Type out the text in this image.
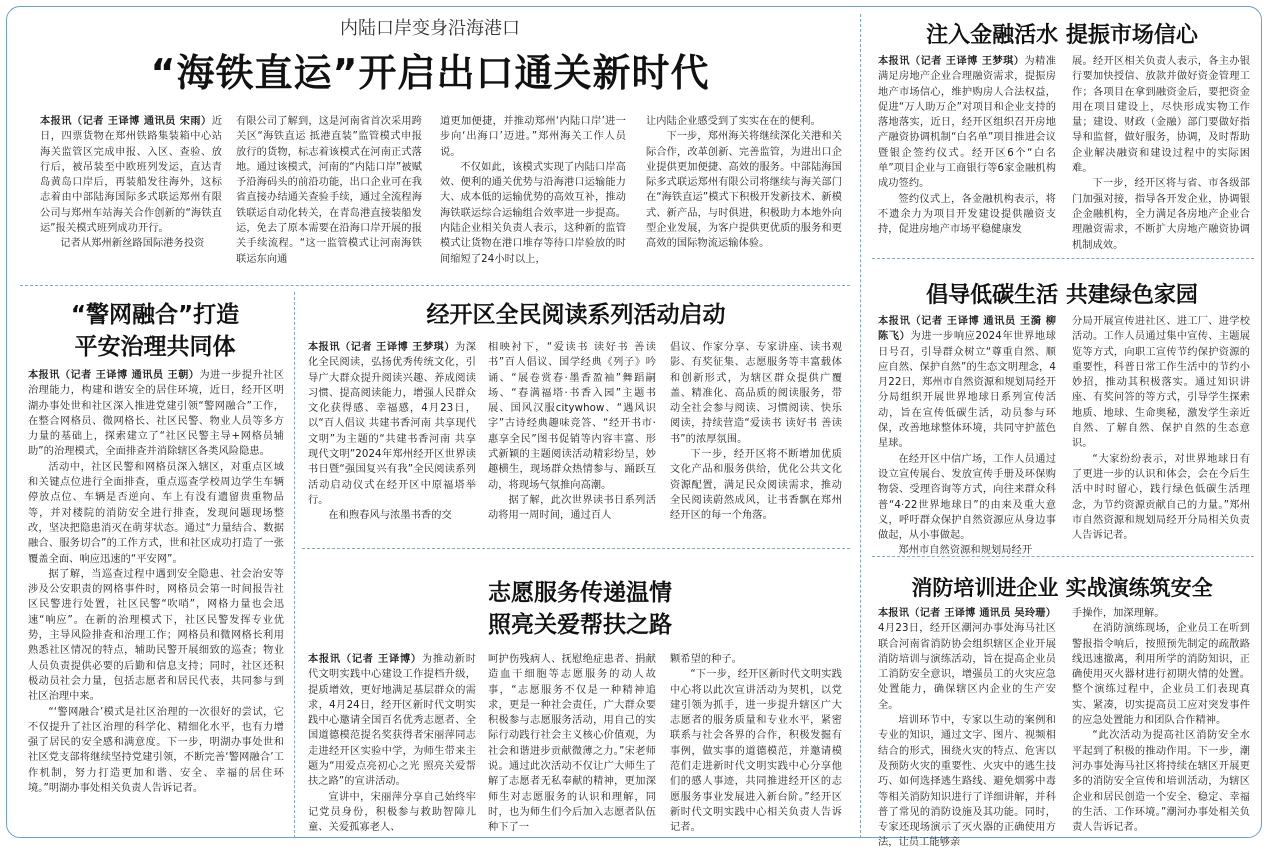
内陆口岸变身沿海港口
“海铁直运”开启出口通关新时代

本报讯（记者 王译博 通讯员 宋雨）近日，四票货物在郑州铁路集装箱中心站海关监管区完成申报、入区、查验、放行后，被吊装至中欧班列发运，直达青岛黄岛口岸后，再装船发往海外，这标志着由中部陆海国际多式联运郑州有限公司与郑州车站海关合作创新的“海铁直运”报关模式班列成功开行。

记者从郑州新丝路国际港务投资

有限公司了解到，这是河南省首次采用跨关区“海铁直运 抵港直装”监管模式申报放行的货物，标志着该模式在河南正式落地。通过该模式，河南的“内陆口岸”被赋予沿海码头的前沿功能，出口企业可在我省直接办结通关查验手续，通过全流程海铁联运自动化转关，在青岛港直接装船发运，免去了原本需要在沿海口岸开展的报关手续流程。“这一监管模式让河南海铁联运东向通

道更加便捷，并推动郑州‘内陆口岸’进一步向‘出海口’迈进。”郑州海关工作人员说。

不仅如此，该模式实现了内陆口岸高效、便利的通关优势与沿海港口运输能力大、成本低的运输优势的高效互补，推动海铁联运综合运输组合效率进一步提高。内陆企业相关负责人表示，这种新的监管模式让货物在港口堆存等待口岸验放的时间缩短了24小时以上，

让内陆企业感受到了实实在在的便利。

下一步，郑州海关将继续深化关港和关际合作，改革创新、完善监管，为进出口企业提供更加便捷、高效的服务。中部陆海国际多式联运郑州有限公司将继续与海关部门在“海铁直运”模式下积极开发新技术、新模式、新产品，与时俱进，积极助力本地外向型企业发展，为客户提供更优质的服务和更高效的国际物流运输体验。

注入金融活水 提振市场信心

本报讯（记者 王译博 王梦琪）为精准满足房地产企业合理融资需求，提振房地产市场信心，维护购房人合法权益，促进“万人助万企”对项目和企业支持的落地落实，近日，经开区组织召开房地产融资协调机制“白名单”项目推进会议暨银企签约仪式。经开区6个“白名单”项目企业与工商银行等6家金融机构成功签约。

签约仪式上，各金融机构表示，将不遗余力为项目开发建设提供融资支持，促进房地产市场平稳健康发

展。经开区相关负责人表示，各主办银行要加快授信、放款并做好资金管理工作；各项目在拿到融资金后，要把资金用在项目建设上，尽快形成实物工作量；建设、财政（金融）部门要做好指导和监督，做好服务，协调，及时帮助企业解决融资和建设过程中的实际困难。

下一步，经开区将与省、市各级部门加强对接，指导各开发企业，协调银企金融机构，全力满足各房地产企业合理融资需求，不断扩大房地产融资协调机制成效。

“警网融合”打造
平安治理共同体

本报讯（记者 王译博 通讯员 王朝）为进一步提升社区治理能力，构建和谐安全的居住环境，近日，经开区明湖办事处世和社区深入推进党建引领“警网融合”工作，在整合网格员、微网格长、社区民警、物业人员等多方力量的基础上，探索建立了“社区民警主导+网格员辅助”的治理模式，全面排查并消除辖区各类风险隐患。

活动中，社区民警和网格员深入辖区，对重点区域和关键点位进行全面排查，重点巡查学校周边学生车辆停放点位、车辆是否逆向、车上有没有遗留贵重物品等，并对楼院的消防安全进行排查，发现问题现场整改，坚决把隐患消灭在萌芽状态。通过“力量结合、数据融合、服务切合”的工作方式，世和社区成功打造了一张覆盖全面、响应迅速的“平安网”。

据了解，当巡查过程中遇到安全隐患、社会治安等涉及公安职责的网格事件时，网格员会第一时间报告社区民警进行处置，社区民警“吹哨”，网格力量也会迅速“响应”。在新的治理模式下，社区民警发挥专业优势，主导风险排查和治理工作；网格员和微网格长利用熟悉社区情况的特点，辅助民警开展细致的巡查；物业人员负责提供必要的后勤和信息支持；同时，社区还积极动员社会力量，包括志愿者和居民代表，共同参与到社区治理中来。

“‘警网融合’模式是社区治理的一次很好的尝试，它不仅提升了社区治理的科学化、精细化水平，也有力增强了居民的安全感和满意度。下一步，明湖办事处世和社区党支部将继续坚持党建引领，不断完善‘警网融合’工作机制，努力打造更加和谐、安全、幸福的居住环境。”明湖办事处相关负责人告诉记者。

经开区全民阅读系列活动启动

本报讯（记者 王译博 王梦琪）为深化全民阅读，弘扬优秀传统文化，引导广大群众提升阅读兴趣、养成阅读习惯、提高阅读能力，增强人民群众文化获得感、幸福感，4月23日，以“百人倡议 共建书香河南 共享现代文明”为主题的“共建书香河南 共享现代文明”2024年郑州经开区世界读书日暨“强国复兴有我”全民阅读系列活动启动仪式在经开区中原福塔举行。

在和煦春风与浓墨书香的交

相映衬下，“爱读书 读好书 善读书”百人倡议、国学经典《列子》吟诵、“展卷赏春·墨香盈袖”舞蹈嗣场、“春满福塔·书香入园”主题书展、国风汉服citywhow、“遇风识字”古诗经典趣味竞答、“经开书市·惠享全民”图书促销等内容丰富、形式新颖的主题阅读活动精彩纷呈，妙趣横生，现场群众热情参与、踊跃互动，将现场气氛推向高潮。

据了解，此次世界读书日系列活动将用一周时间，通过百人

倡议、作家分享、专家讲座、读书观影、有奖征集、志愿服务等丰富载体和创新形式，为辖区群众提供广覆盖、精准化、高品质的阅读服务，带动全社会参与阅读、习惯阅读、快乐阅读，持续营造“爱读书 读好书 善读书”的浓厚氛围。

下一步，经开区将不断增加优质文化产品和服务供给，优化公共文化资源配置，满足民众阅读需求，推动全民阅读蔚然成风，让书香飘在郑州经开区的每一个角落。

倡导低碳生活 共建绿色家园

本报讯（记者 王译博 通讯员 王漪 柳 陈飞）为进一步响应2024年世界地球日号召，引导群众树立“尊重自然、顺应自然、保护自然”的生态文明理念，4月22日，郑州市自然资源和规划局经开分局组织开展世界地球日系列宣传活动，旨在宣传低碳生活，动员参与环保，改善地球整体环境，共同守护蓝色星球。

在经开区中信广场，工作人员通过设立宣传展台、发放宣传手册及环保购物袋、受理咨询等方式，向往来群众科普“4·22世界地球日”的由来及重大意义，呼吁群众保护自然资源应从身边事做起，从小事做起。

郑州市自然资源和规划局经开

分局开展宣传进社区、进工厂、进学校活动。工作人员通过集中宣传、主题展览等方式，向职工宣传节约保护资源的重要性，科普日常工作生活中的节约小妙招，推动其积极落实。通过知识讲座、有奖问答的等方式，引导学生探索地质、地球、生命奥秘，激发学生亲近自然、了解自然、保护自然的生态意识。

“大家纷纷表示，对世界地球日有了更进一步的认识和体会，会在今后生活中时时留心，践行绿色低碳生活理念，为节约资源贡献自己的力量。”郑州市自然资源和规划局经开分局相关负责人告诉记者。

志愿服务传递温情
照亮关爱帮扶之路

本报讯（记者 王译博）为推动新时代文明实践中心建设工作提档升级，提质增效，更好地满足基层群众的需求，4月24日，经开区新时代文明实践中心邀请全国百名优秀志愿者、全国道德模范提名奖获得者宋丽萍同志走进经开区实验中学，为师生带来主题为“用爱点亮初心之光 照亮关爱帮扶之路”的宣讲活动。

宣讲中，宋丽萍分享自己始终牢记党员身份，积极参与救助智障儿童、关爱孤寡老人、

呵护伤残病人、抚慰绝症患者、捐献造血干细胞等志愿服务的动人故事，“志愿服务不仅是一种精神追求，更是一种社会责任，广大群众要积极参与志愿服务活动，用自己的实际行动践行社会主义核心价值观，为社会和谐进步贡献微薄之力。”宋老师说。通过此次活动不仅让广大师生了解了志愿者无私奉献的精神，更加深师生对志愿服务的认识和理解，同时，也为师生们今后加入志愿者队伍种下了一

颗希望的种子。

“下一步，经开区新时代文明实践中心将以此次宣讲活动为契机，以党建引领为抓手，进一步提升辖区广大志愿者的服务质量和专业水平，紧密联系与社会各界的合作，积极发掘有事例，做实事的道德模范，并邀请模范们走进新时代文明实践中心分享他们的感人事迹，共同推进经开区的志愿服务事业发展进入新台阶。”经开区新时代文明实践中心相关负责人告诉记者。

消防培训进企业 实战演练筑安全

本报讯（记者 王译博 通讯员 吴玲珊）4月23日，经开区潮河办事处海马社区联合河南省消防协会组织辖区企业开展消防培训与演练活动，旨在提高企业员工消防安全意识，增强员工的火灾应急处置能力，确保辖区内企业的生产安全。

培训环节中，专家以生动的案例和专业的知识，通过文字、图片、视频相结合的形式，围绕火灾的特点、危害以及预防火灾的重要性、火灾中的逃生技巧、如何选择逃生路线、避免烟雾中毒等相关消防知识进行了详细讲解，并科普了常见的消防设施及其功能。同时，专家还现场演示了灭火器的正确使用方法，让员工能够亲

手操作，加深理解。

在消防演练现场，企业员工在听到警报指令响后，按照预先制定的疏散路线迅速撤离，利用所学的消防知识，正确使用灭火器材进行初期火情的处置。整个演练过程中，企业员工们表现真实、紧凑，切实提高员工应对突发事件的应急处置能力和团队合作精神。

“此次活动为提高社区消防安全水平起到了积极的推动作用。下一步，潮河办事处海马社区将持续在辖区开展更多的消防安全宣传和培训活动，为辖区企业和居民创造一个安全、稳定、幸福的生活、工作环境。”潮河办事处相关负责人告诉记者。
